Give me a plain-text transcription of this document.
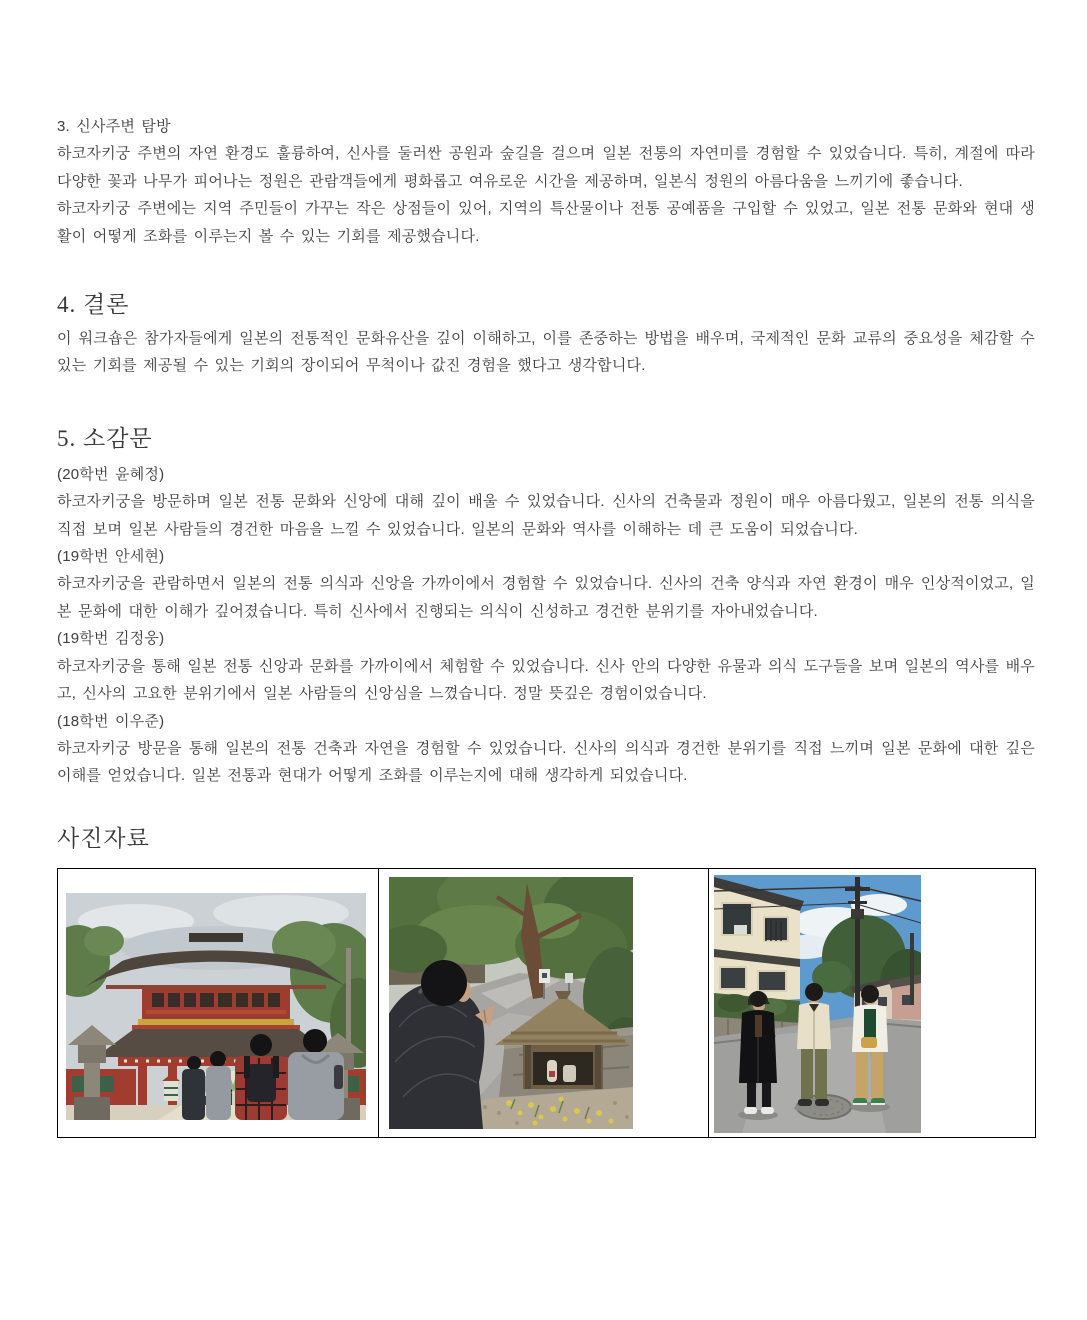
3. 신사주변 탐방

하코자키궁 주변의 자연 환경도 훌륭하여, 신사를 둘러싼 공원과 숲길을 걸으며 일본 전통의 자연미를 경험할 수 있었습니다. 특히, 계절에 따라 다양한 꽃과 나무가 피어나는 정원은 관람객들에게 평화롭고 여유로운 시간을 제공하며, 일본식 정원의 아름다움을 느끼기에 좋습니다.

하코자키궁 주변에는 지역 주민들이 가꾸는 작은 상점들이 있어, 지역의 특산물이나 전통 공예품을 구입할 수 있었고, 일본 전통 문화와 현대 생활이 어떻게 조화를 이루는지 볼 수 있는 기회를 제공했습니다.

4. 결론

이 워크숍은 참가자들에게 일본의 전통적인 문화유산을 깊이 이해하고, 이를 존중하는 방법을 배우며, 국제적인 문화 교류의 중요성을 체감할 수 있는 기회를 제공될 수 있는 기회의 장이되어 무척이나 값진 경험을 했다고 생각합니다.

5. 소감문
(20학번 윤혜정)

하코자키궁을 방문하며 일본 전통 문화와 신앙에 대해 깊이 배울 수 있었습니다. 신사의 건축물과 정원이 매우 아름다웠고, 일본의 전통 의식을 직접 보며 일본 사람들의 경건한 마음을 느낄 수 있었습니다. 일본의 문화와 역사를 이해하는 데 큰 도움이 되었습니다.

(19학번 안세현)

하코자키궁을 관람하면서 일본의 전통 의식과 신앙을 가까이에서 경험할 수 있었습니다. 신사의 건축 양식과 자연 환경이 매우 인상적이었고, 일본 문화에 대한 이해가 깊어졌습니다. 특히 신사에서 진행되는 의식이 신성하고 경건한 분위기를 자아내었습니다.

(19학번 김정웅)

하코자키궁을 통해 일본 전통 신앙과 문화를 가까이에서 체험할 수 있었습니다. 신사 안의 다양한 유물과 의식 도구들을 보며 일본의 역사를 배우고, 신사의 고요한 분위기에서 일본 사람들의 신앙심을 느꼈습니다. 정말 뜻깊은 경험이었습니다.

(18학번 이우준)

하코자키궁 방문을 통해 일본의 전통 건축과 자연을 경험할 수 있었습니다. 신사의 의식과 경건한 분위기를 직접 느끼며 일본 문화에 대한 깊은 이해를 얻었습니다. 일본 전통과 현대가 어떻게 조화를 이루는지에 대해 생각하게 되었습니다.

사진자료
